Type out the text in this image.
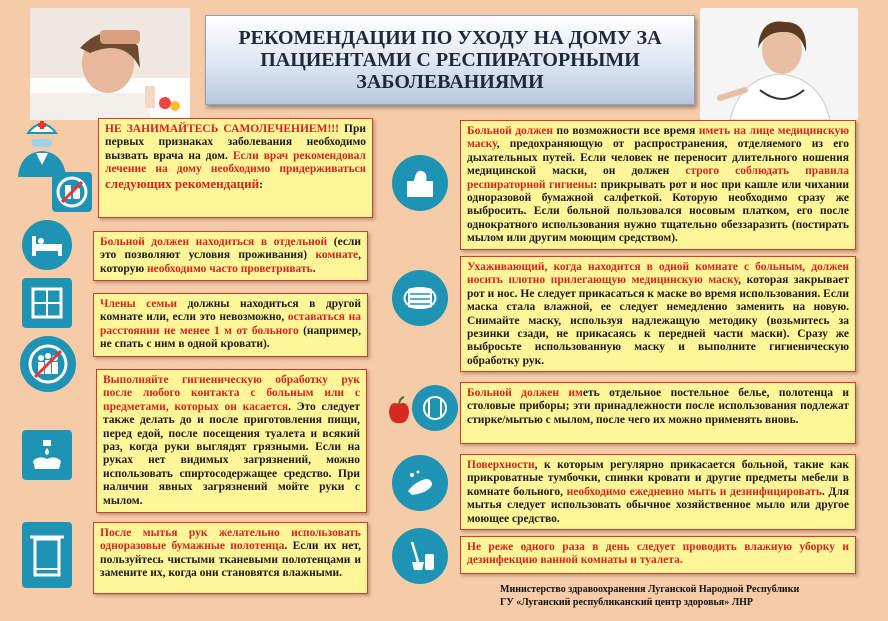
РЕКОМЕНДАЦИИ ПО УХОДУ НА ДОМУ ЗА ПАЦИЕНТАМИ С РЕСПИРАТОРНЫМИ ЗАБОЛЕВАНИЯМИ
НЕ ЗАНИМАЙТЕСЬ САМОЛЕЧЕНИЕМ!!! При первых признаках заболевания необходимо вызвать врача на дом. Если врач рекомендовал лечение на дому необходимо придерживаться следующих рекомендаций:
Больной должен находиться в отдельной (если это позволяют условия проживания) комнате, которую необходимо часто проветривать.
Члены семьи должны находиться в другой комнате или, если это невозможно, оставаться на расстоянии не менее 1 м от больного (например, не спать с ним в одной кровати).
Выполняйте гигиеническую обработку рук после любого контакта с больным или с предметами, которых он касается. Это следует также делать до и после приготовления пищи, перед едой, после посещения туалета и всякий раз, когда руки выглядят грязными. Если на руках нет видимых загрязнений, можно использовать спиртосодержащее средство. При наличии явных загрязнений мойте руки с мылом.
После мытья рук желательно использовать одноразовые бумажные полотенца. Если их нет, пользуйтесь чистыми тканевыми полотенцами и замените их, когда они становятся влажными.
Больной должен по возможности все время иметь на лице медицинскую маску, предохраняющую от распространения, отделяемого из его дыхательных путей. Если человек не переносит длительного ношения медицинской маски, он должен строго соблюдать правила респираторной гигиены: прикрывать рот и нос при кашле или чихании одноразовой бумажной салфеткой. Которую необходимо сразу же выбросить. Если больной пользовался носовым платком, его после однократного использования нужно тщательно обеззаразить (постирать мылом или другим моющим средством).
Ухаживающий, когда находится в одной комнате с больным, должен носить плотно прилегающую медицинскую маску, которая закрывает рот и нос. Не следует прикасаться к маске во время использования. Если маска стала влажной, ее следует немедленно заменить на новую. Снимайте маску, используя надлежащую методику (возьмитесь за резинки сзади, не прикасаясь к передней части маски). Сразу же выбросьте использованную маску и выполните гигиеническую обработку рук.
Больной должен иметь отдельное постельное белье, полотенца и столовые приборы; эти принадлежности после использования подлежат стирке/мытью с мылом, после чего их можно применять вновь.
Поверхности, к которым регулярно прикасается больной, такие как прикроватные тумбочки, спинки кровати и другие предметы мебели в комнате больного, необходимо ежедневно мыть и дезинфицировать. Для мытья следует использовать обычное хозяйственное мыло или другое моющее средство.
Не реже одного раза в день следует проводить влажную уборку и дезинфекцию ванной комнаты и туалета.
Министерство здравоохранения Луганской Народной Республики
ГУ «Луганский республиканский центр здоровья» ЛНР
